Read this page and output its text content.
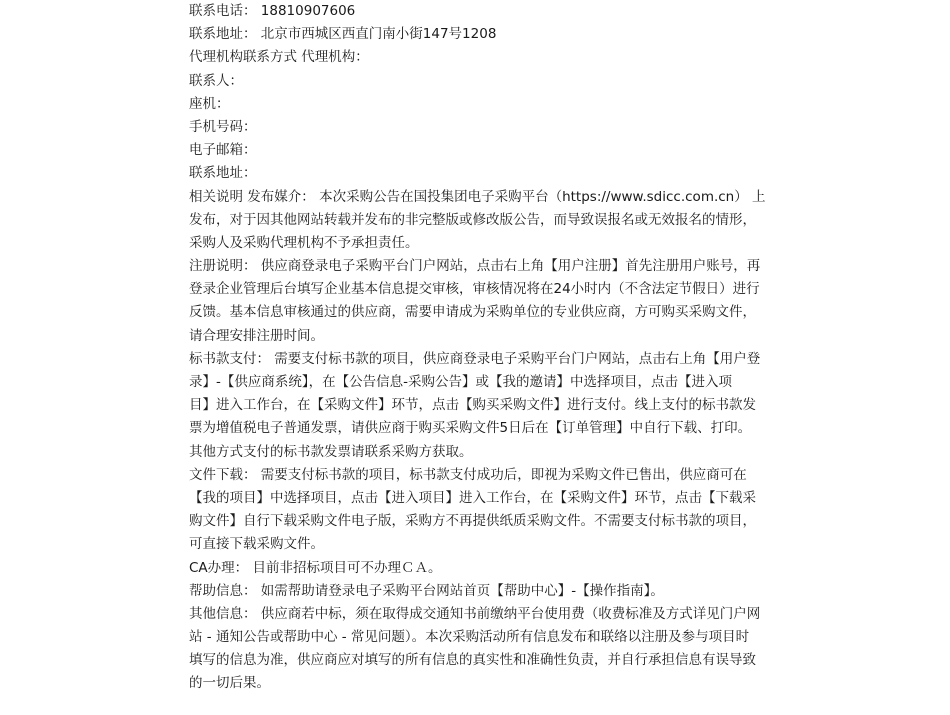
联系电话： 18810907606
联系地址： 北京市西城区西直门南小街147号1208
代理机构联系方式 代理机构：
联系人：
座机：
手机号码：
电子邮箱：
联系地址：
相关说明 发布媒介： 本次采购公告在国投集团电子采购平台（https://www.sdicc.com.cn） 上
发布，对于因其他网站转载并发布的非完整版或修改版公告，而导致误报名或无效报名的情形，
采购人及采购代理机构不予承担责任。
注册说明： 供应商登录电子采购平台门户网站，点击右上角【用户注册】首先注册用户账号，再
登录企业管理后台填写企业基本信息提交审核，审核情况将在24小时内（不含法定节假日）进行
反馈。基本信息审核通过的供应商，需要申请成为采购单位的专业供应商，方可购买采购文件，
请合理安排注册时间。
标书款支付： 需要支付标书款的项目，供应商登录电子采购平台门户网站，点击右上角【用户登
录】-【供应商系统】，在【公告信息-采购公告】或【我的邀请】中选择项目，点击【进入项
目】进入工作台，在【采购文件】环节，点击【购买采购文件】进行支付。线上支付的标书款发
票为增值税电子普通发票，请供应商于购买采购文件5日后在【订单管理】中自行下载、打印。
其他方式支付的标书款发票请联系采购方获取。
文件下载： 需要支付标书款的项目，标书款支付成功后，即视为采购文件已售出，供应商可在
【我的项目】中选择项目，点击【进入项目】进入工作台，在【采购文件】环节，点击【下载采
购文件】自行下载采购文件电子版，采购方不再提供纸质采购文件。不需要支付标书款的项目，
可直接下载采购文件。
CA办理： 目前非招标项目可不办理ＣＡ。
帮助信息： 如需帮助请登录电子采购平台网站首页【帮助中心】-【操作指南】。
其他信息： 供应商若中标，须在取得成交通知书前缴纳平台使用费（收费标准及方式详见门户网
站 - 通知公告或帮助中心 - 常见问题）。本次采购活动所有信息发布和联络以注册及参与项目时
填写的信息为准，供应商应对填写的所有信息的真实性和准确性负责，并自行承担信息有误导致
的一切后果。
